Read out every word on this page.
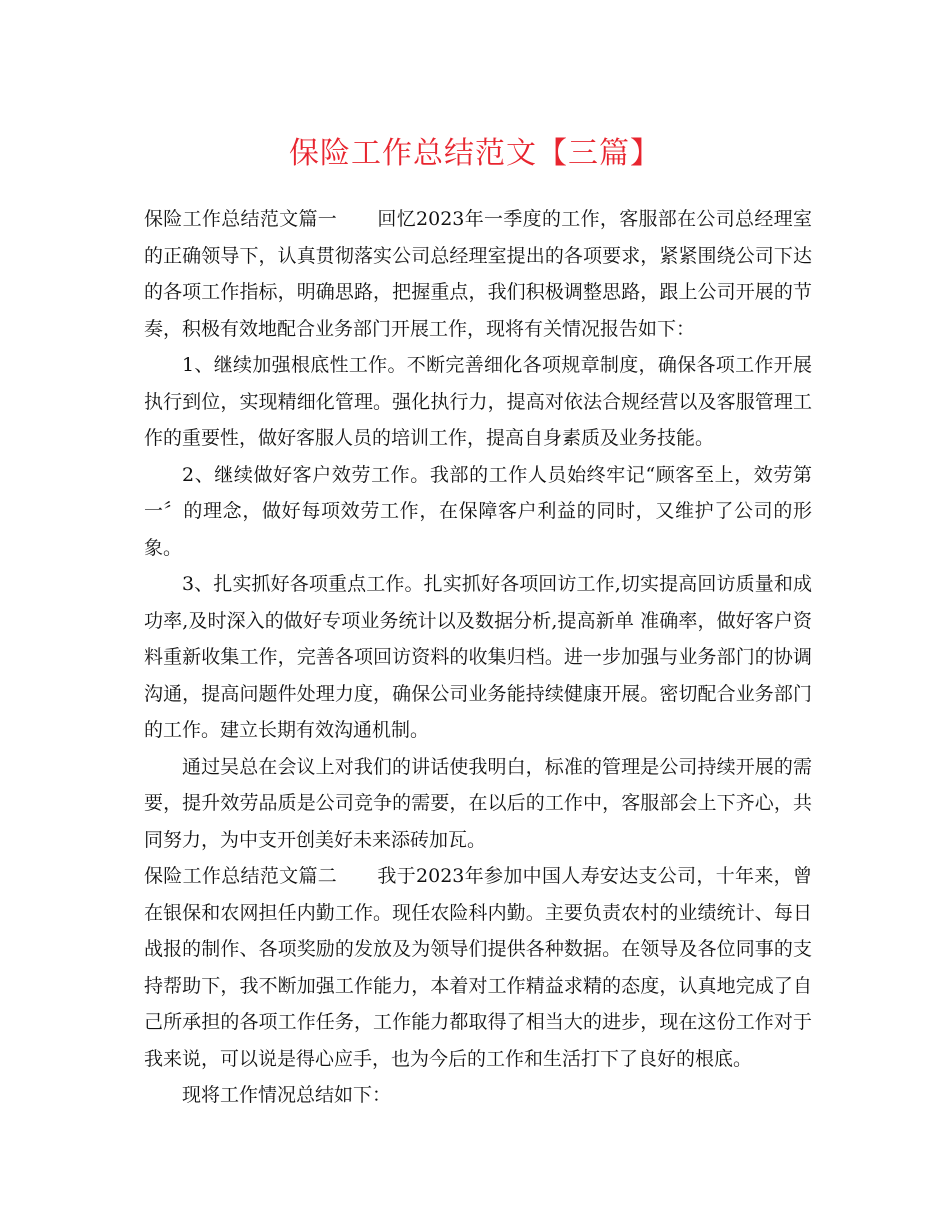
保险工作总结范文【三篇】

保险工作总结范文篇一 回忆2023年一季度的工作，客服部在公司总经理室的正确领导下，认真贯彻落实公司总经理室提出的各项要求，紧紧围绕公司下达的各项工作指标，明确思路，把握重点，我们积极调整思路，跟上公司开展的节奏，积极有效地配合业务部门开展工作，现将有关情况报告如下：

1、继续加强根底性工作。不断完善细化各项规章制度，确保各项工作开展执行到位，实现精细化管理。强化执行力，提高对依法合规经营以及客服管理工作的重要性，做好客服人员的培训工作，提高自身素质及业务技能。

2、继续做好客户效劳工作。我部的工作人员始终牢记“顾客至上，效劳第一〞的理念，做好每项效劳工作，在保障客户利益的同时，又维护了公司的形象。

3、扎实抓好各项重点工作。扎实抓好各项回访工作,切实提高回访质量和成功率,及时深入的做好专项业务统计以及数据分析,提高新单 准确率，做好客户资料重新收集工作，完善各项回访资料的收集归档。进一步加强与业务部门的协调沟通，提高问题件处理力度，确保公司业务能持续健康开展。密切配合业务部门的工作。建立长期有效沟通机制。

通过吴总在会议上对我们的讲话使我明白，标准的管理是公司持续开展的需要，提升效劳品质是公司竞争的需要，在以后的工作中，客服部会上下齐心，共同努力，为中支开创美好未来添砖加瓦。

保险工作总结范文篇二 我于2023年参加中国人寿安达支公司，十年来，曾在银保和农网担任内勤工作。现任农险科内勤。主要负责农村的业绩统计、每日战报的制作、各项奖励的发放及为领导们提供各种数据。在领导及各位同事的支持帮助下，我不断加强工作能力，本着对工作精益求精的态度，认真地完成了自己所承担的各项工作任务，工作能力都取得了相当大的进步，现在这份工作对于我来说，可以说是得心应手，也为今后的工作和生活打下了良好的根底。

现将工作情况总结如下：
